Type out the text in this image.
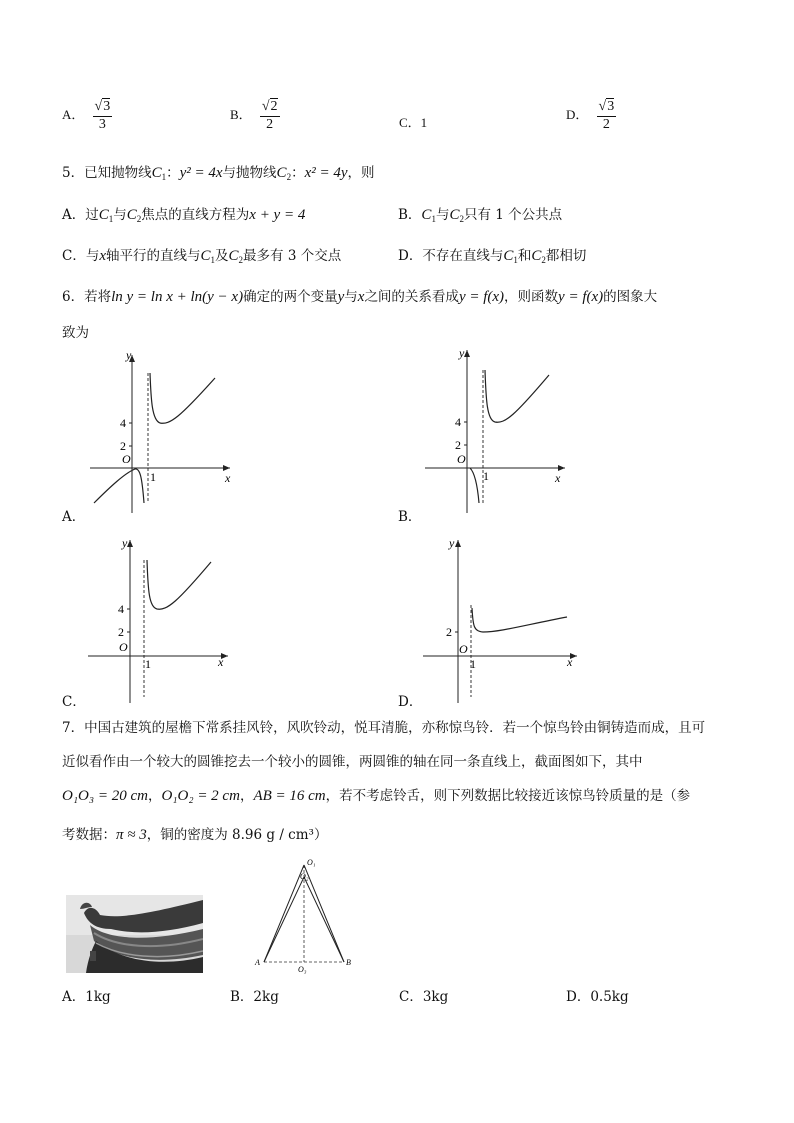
A． $\frac{√3}{3}$	B． $\frac{√2}{2}$	C．1
D． $\frac{√3}{2}$
5．已知抛物线$C_1$：y² = 4x与抛物线$C_2$：x² = 4y，则
A．过$C_1$与$C_2$焦点的直线方程为x + y = 4	B．$C_1$与$C_2$只有 1 个公共点
C．与x轴平行的直线与$C_1$及$C_2$最多有 3 个交点	D．不存在直线与$C_1$和$C_2$都相切
6．若将ln y = ln x + ln(y − x)确定的两个变量y与x之间的关系看成y = f(x)，则函数y = f(x)的图象大
致为
y
x
O
1
4
2
A．
y
x
O
1
4
2
B．
y
x
O
1
4
2
C．
y
x
O
1
2
D．
7．中国古建筑的屋檐下常系挂风铃，风吹铃动，悦耳清脆，亦称惊鸟铃．若一个惊鸟铃由铜铸造而成，且可
近似看作由一个较大的圆锥挖去一个较小的圆锥，两圆锥的轴在同一条直线上，截面图如下，其中
O₁O₃ = 20 cm，O₁O₂ = 2 cm，AB = 16 cm，若不考虑铃舌，则下列数据比较接近该惊鸟铃质量的是（参
考数据：π ≈ 3，铜的密度为 8.96 g / cm³）
O₁
O₂
O₃
A	B
A．1kg	B．2kg	C．3kg	D．0.5kg
